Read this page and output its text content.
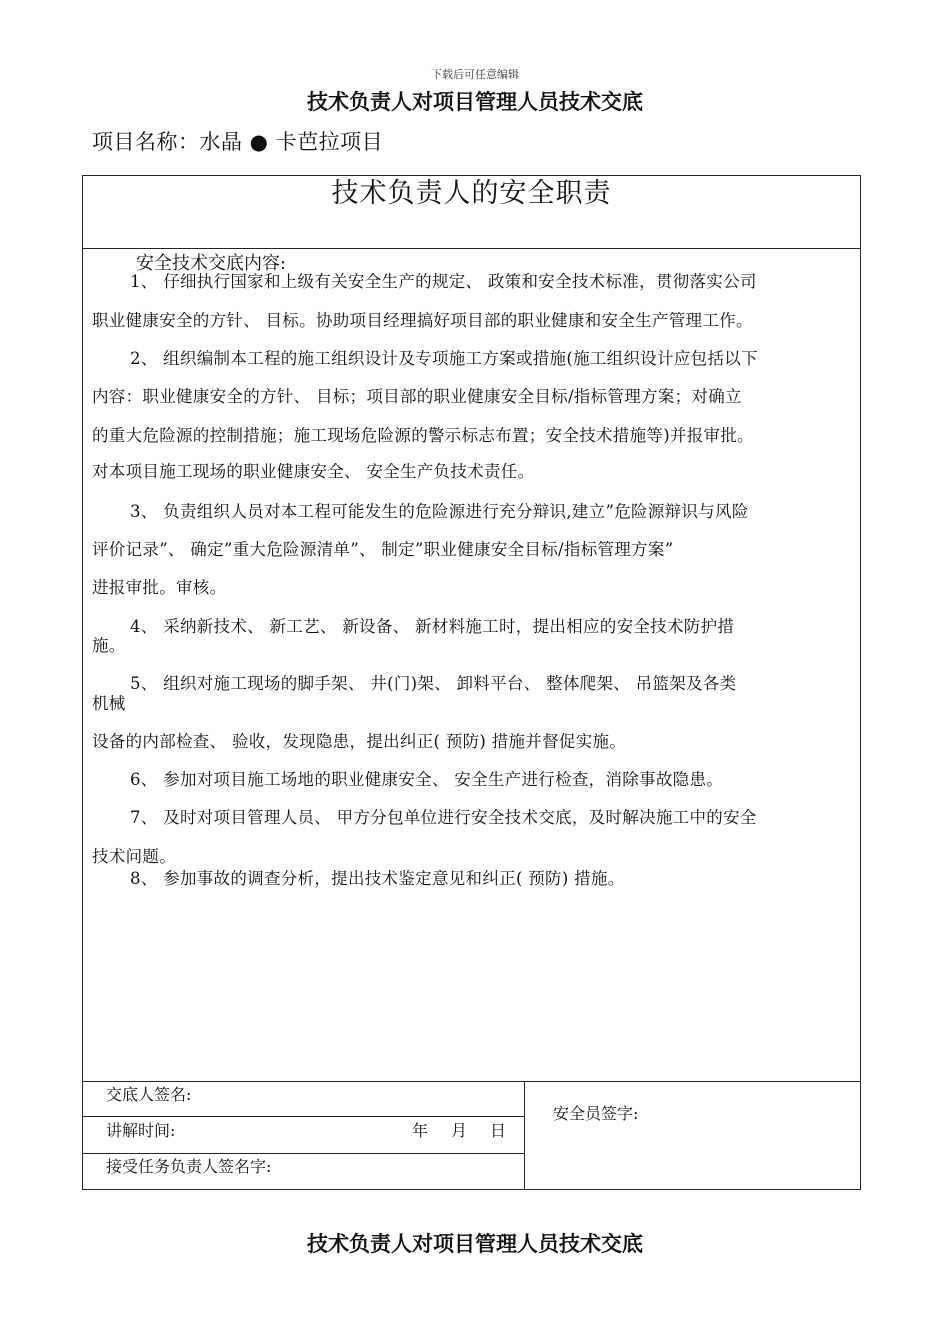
下载后可任意编辑
技术负责人对项目管理人员技术交底
项目名称：水晶 ● 卡芭拉项目
技术负责人的安全职责
安全技术交底内容:
1、 仔细执行国家和上级有关安全生产的规定、 政策和安全技术标准，贯彻落实公司
职业健康安全的方针、 目标。协助项目经理搞好项目部的职业健康和安全生产管理工作。
2、 组织编制本工程的施工组织设计及专项施工方案或措施(施工组织设计应包括以下
内容：职业健康安全的方针、 目标；项目部的职业健康安全目标/指标管理方案；对确立
的重大危险源的控制措施；施工现场危险源的警示标志布置；安全技术措施等)并报审批。
对本项目施工现场的职业健康安全、 安全生产负技术责任。
3、 负责组织人员对本工程可能发生的危险源进行充分辩识,建立”危险源辩识与风险
评价记录”、 确定”重大危险源清单”、 制定”职业健康安全目标/指标管理方案”
进报审批。审核。
4、 采纳新技术、 新工艺、 新设备、 新材料施工时，提出相应的安全技术防护措
施。
5、 组织对施工现场的脚手架、 井(门)架、 卸料平台、 整体爬架、 吊篮架及各类
机械
设备的内部检查、 验收，发现隐患，提出纠正( 预防) 措施并督促实施。
6、 参加对项目施工场地的职业健康安全、 安全生产进行检查，消除事故隐患。
7、 及时对项目管理人员、 甲方分包单位进行安全技术交底，及时解决施工中的安全
技术问题。
8、 参加事故的调查分析，提出技术鉴定意见和纠正( 预防) 措施。
交底人签名:
讲解时间:	年 月 日
接受任务负责人签名字:
安全员签字:
技术负责人对项目管理人员技术交底
